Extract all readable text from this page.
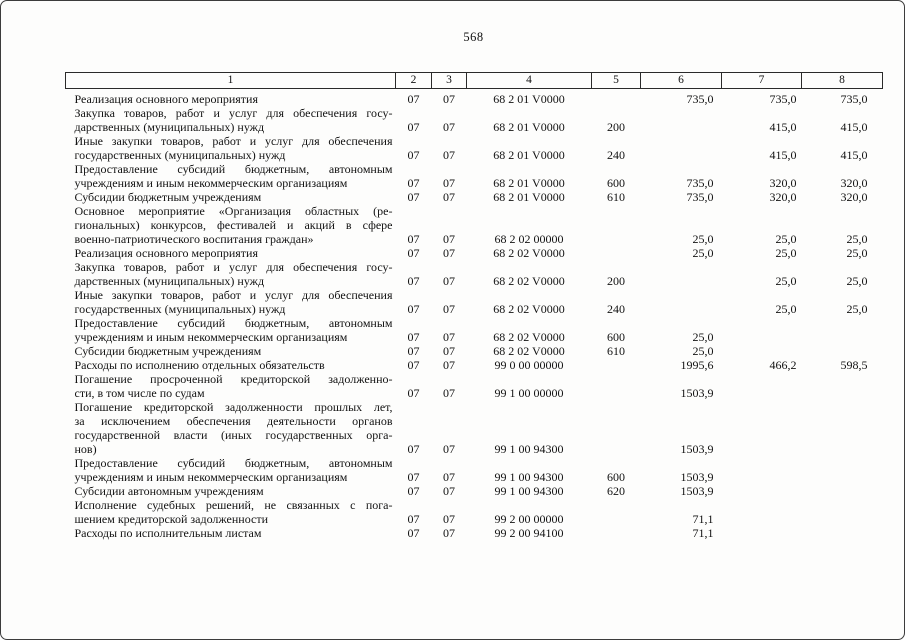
568
1	2	3	4	5	6	7	8

Реализация основного мероприятия	07	07	68 2 01 V0000		735,0	735,0	735,0

Закупка товаров, работ и услуг для обеспечения госу-
дарственных (муниципальных) нужд	07	07	68 2 01 V0000	200		415,0	415,0

Иные закупки товаров, работ и услуг для обеспечения
государственных (муниципальных) нужд	07	07	68 2 01 V0000	240		415,0	415,0

Предоставление субсидий бюджетным, автономным
учреждениям и иным некоммерческим организациям	07	07	68 2 01 V0000	600	735,0	320,0	320,0

Субсидии бюджетным учреждениям	07	07	68 2 01 V0000	610	735,0	320,0	320,0

Основное мероприятие «Организация областных (ре-
гиональных) конкурсов, фестивалей и акций в сфере
военно-патриотического воспитания граждан»	07	07	68 2 02 00000		25,0	25,0	25,0

Реализация основного мероприятия	07	07	68 2 02 V0000		25,0	25,0	25,0

Закупка товаров, работ и услуг для обеспечения госу-
дарственных (муниципальных) нужд	07	07	68 2 02 V0000	200		25,0	25,0

Иные закупки товаров, работ и услуг для обеспечения
государственных (муниципальных) нужд	07	07	68 2 02 V0000	240		25,0	25,0

Предоставление субсидий бюджетным, автономным
учреждениям и иным некоммерческим организациям	07	07	68 2 02 V0000	600	25,0		

Субсидии бюджетным учреждениям	07	07	68 2 02 V0000	610	25,0		

Расходы по исполнению отдельных обязательств	07	07	99 0 00 00000		1995,6	466,2	598,5

Погашение просроченной кредиторской задолженно-
сти, в том числе по судам	07	07	99 1 00 00000		1503,9		

Погашение кредиторской задолженности прошлых лет,
за исключением обеспечения деятельности органов
государственной власти (иных государственных орга-
нов)	07	07	99 1 00 94300		1503,9		

Предоставление субсидий бюджетным, автономным
учреждениям и иным некоммерческим организациям	07	07	99 1 00 94300	600	1503,9		

Субсидии автономным учреждениям	07	07	99 1 00 94300	620	1503,9		

Исполнение судебных решений, не связанных с пога-
шением кредиторской задолженности	07	07	99 2 00 00000		71,1		

Расходы по исполнительным листам	07	07	99 2 00 94100		71,1		
